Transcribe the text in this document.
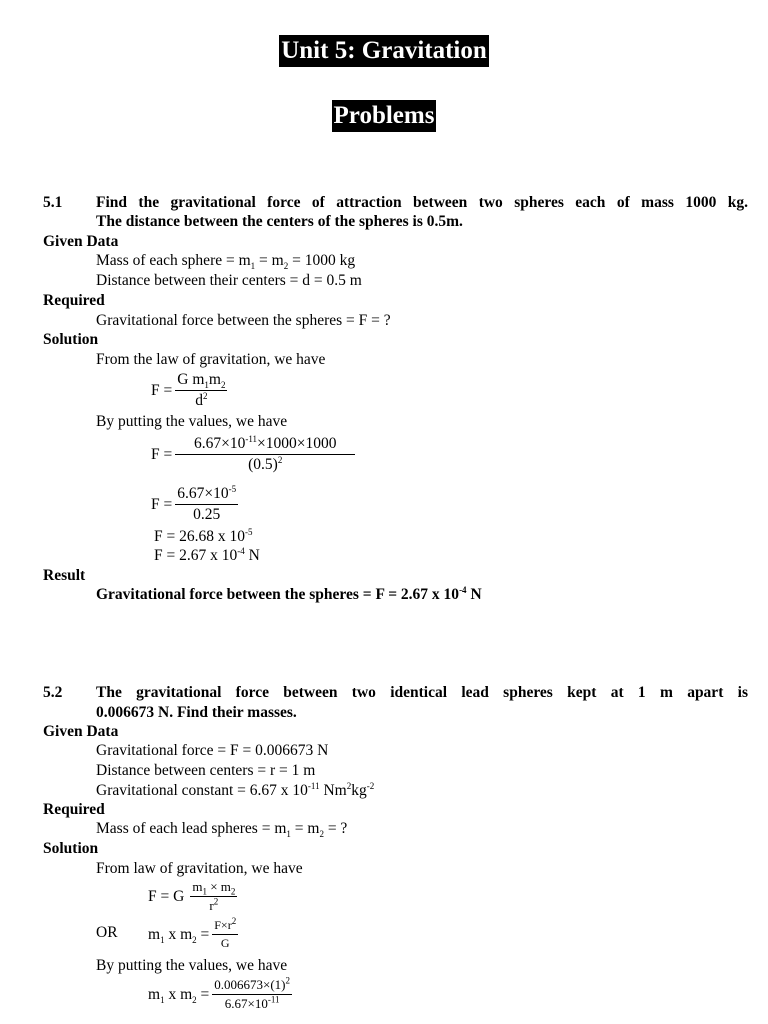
Unit 5: Gravitation
Problems
5.1 Find the gravitational force of attraction between two spheres each of mass 1000 kg.
The distance between the centers of the spheres is 0.5m.
Given Data
Mass of each sphere = $m_1 = m_2 = 1000$ kg
Distance between their centers = d = 0.5 m
Required
Gravitational force between the spheres = F = ?
Solution
From the law of gravitation, we have
$F = \frac{G m_1m_2}{d^2}$
By putting the values, we have
$F = \frac{6.67\times 10^{-11}\times 1000\times 1000}{(0.5)^2}$
$F = \frac{6.67\times 10^{-5}}{0.25}$
F = 26.68 x $10^{-5}$
F = 2.67 x $10^{-4}$ N
Result
Gravitational force between the spheres = F = 2.67 x $10^{-4}$ N
5.2 The gravitational force between two identical lead spheres kept at 1 m apart is
0.006673 N. Find their masses.
Given Data
Gravitational force = F = 0.006673 N
Distance between centers = r = 1 m
Gravitational constant = 6.67 x $10^{-11}$ $Nm^2kg^{-2}$
Required
Mass of each lead spheres = $m_1 = m_2$ = ?
Solution
From law of gravitation, we have
F = G $\frac{m_1 \times m_2}{r^2}$
OR $m_1$ x $m_2 = \frac{F\times r^2}{G}$
By putting the values, we have
$m_1$ x $m_2 = \frac{0.006673\times(1)^2}{6.67\times 10^{-11}}$
